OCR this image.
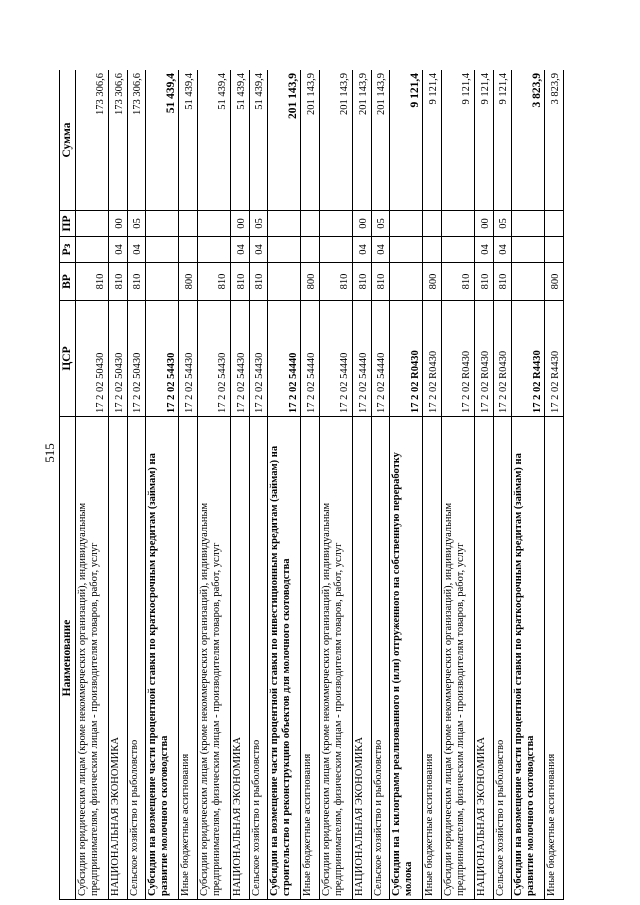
515
Наименование	ЦСР	ВР	Рз	ПР	Сумма
Субсидии юридическим лицам (кроме некоммерческих организаций), индивидуальным предпринимателям, физическим лицам - производителям товаров, работ, услуг	17 2 02 50430	810			173 306,6
НАЦИОНАЛЬНАЯ ЭКОНОМИКА	17 2 02 50430	810	04	00	173 306,6
Сельское хозяйство и рыболовство	17 2 02 50430	810	04	05	173 306,6
Субсидии на возмещение части процентной ставки по краткосрочным кредитам (займам) на развитие молочного скотоводства	17 2 02 54430				51 439,4
Иные бюджетные ассигнования	17 2 02 54430	800			51 439,4
Субсидии юридическим лицам (кроме некоммерческих организаций), индивидуальным предпринимателям, физическим лицам - производителям товаров, работ, услуг	17 2 02 54430	810			51 439,4
НАЦИОНАЛЬНАЯ ЭКОНОМИКА	17 2 02 54430	810	04	00	51 439,4
Сельское хозяйство и рыболовство	17 2 02 54430	810	04	05	51 439,4
Субсидии на возмещение части процентной ставки по инвестиционным кредитам (займам) на строительство и реконструкцию объектов для молочного скотоводства	17 2 02 54440				201 143,9
Иные бюджетные ассигнования	17 2 02 54440	800			201 143,9
Субсидии юридическим лицам (кроме некоммерческих организаций), индивидуальным предпринимателям, физическим лицам - производителям товаров, работ, услуг	17 2 02 54440	810			201 143,9
НАЦИОНАЛЬНАЯ ЭКОНОМИКА	17 2 02 54440	810	04	00	201 143,9
Сельское хозяйство и рыболовство	17 2 02 54440	810	04	05	201 143,9
Субсидии на 1 килограмм реализованного и (или) отгруженного на собственную переработку молока	17 2 02 R0430				9 121,4
Иные бюджетные ассигнования	17 2 02 R0430	800			9 121,4
Субсидии юридическим лицам (кроме некоммерческих организаций), индивидуальным предпринимателям, физическим лицам - производителям товаров, работ, услуг	17 2 02 R0430	810			9 121,4
НАЦИОНАЛЬНАЯ ЭКОНОМИКА	17 2 02 R0430	810	04	00	9 121,4
Сельское хозяйство и рыболовство	17 2 02 R0430	810	04	05	9 121,4
Субсидии на возмещение части процентной ставки по краткосрочным кредитам (займам) на развитие молочного скотоводства	17 2 02 R4430				3 823,9
Иные бюджетные ассигнования	17 2 02 R4430	800			3 823,9
